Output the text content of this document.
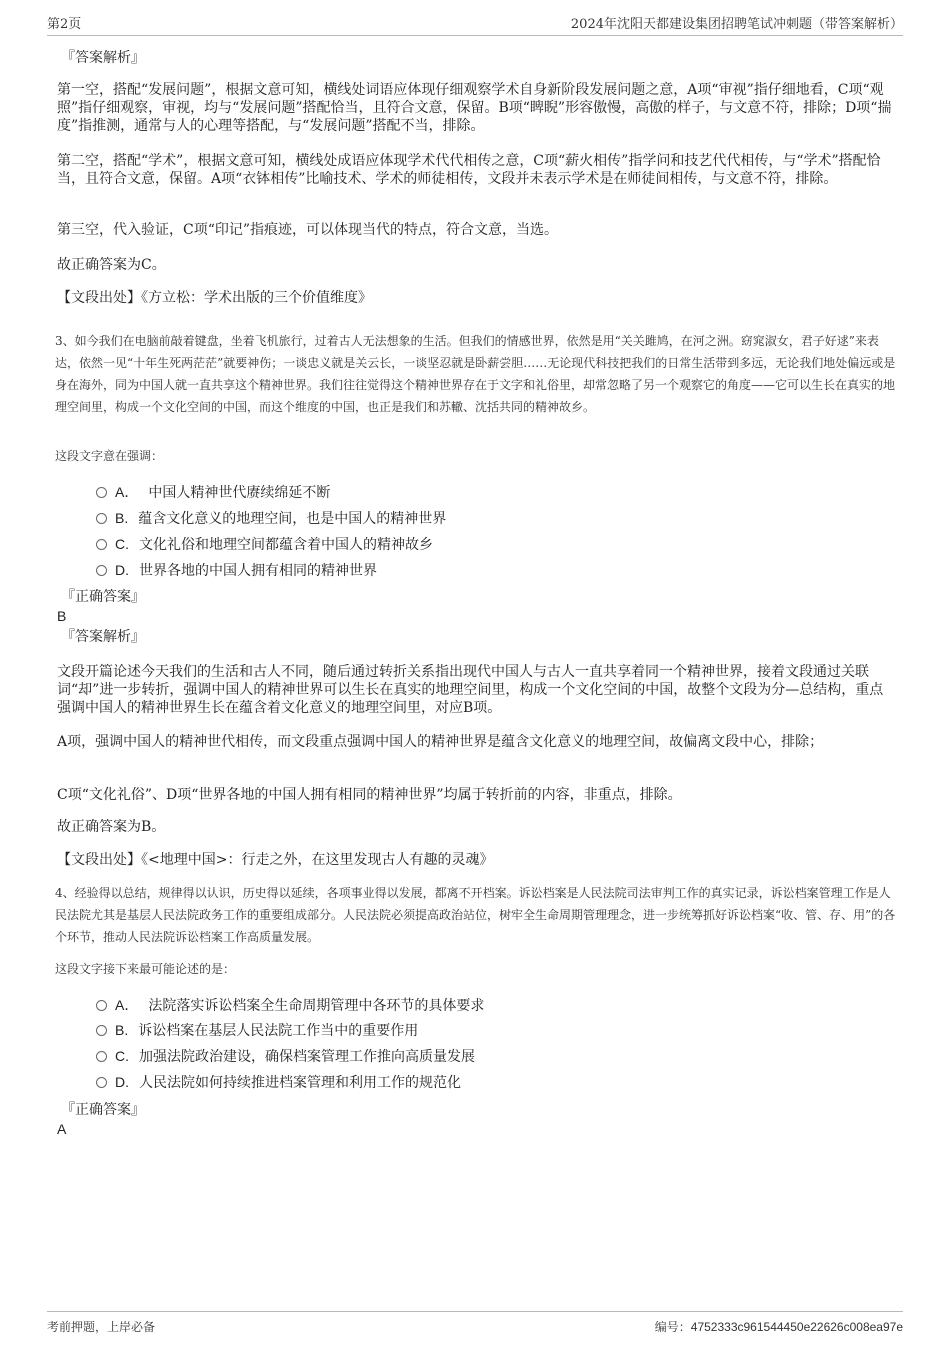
第2页	2024年沈阳天都建设集团招聘笔试冲刺题（带答案解析）

『答案解析』

第一空，搭配“发展问题”，根据文意可知，横线处词语应体现仔细观察学术自身新阶段发展问题之意，A项“审视”指仔细地看，C项“观照”指仔细观察，审视，均与“发展问题”搭配恰当，且符合文意，保留。B项“睥睨”形容傲慢，高傲的样子，与文意不符，排除；D项“揣度”指推测，通常与人的心理等搭配，与“发展问题”搭配不当，排除。

第二空，搭配“学术”，根据文意可知，横线处成语应体现学术代代相传之意，C项“薪火相传”指学问和技艺代代相传，与“学术”搭配恰当，且符合文意，保留。A项“衣钵相传”比喻技术、学术的师徒相传，文段并未表示学术是在师徒间相传，与文意不符，排除。

第三空，代入验证，C项“印记”指痕迹，可以体现当代的特点，符合文意，当选。

故正确答案为C。

【文段出处】《方立松：学术出版的三个价值维度》

3、如今我们在电脑前敲着键盘，坐着飞机旅行，过着古人无法想象的生活。但我们的情感世界，依然是用“关关雎鸠，在河之洲。窈窕淑女，君子好逑”来表达，依然一见“十年生死两茫茫”就要神伤；一谈忠义就是关云长，一谈坚忍就是卧薪尝胆……无论现代科技把我们的日常生活带到多远，无论我们地处偏远或是身在海外，同为中国人就一直共享这个精神世界。我们往往觉得这个精神世界存在于文字和礼俗里，却常忽略了另一个观察它的角度——它可以生长在真实的地理空间里，构成一个文化空间的中国，而这个维度的中国，也正是我们和苏轍、沈括共同的精神故乡。

这段文字意在强调：

A． 中国人精神世代赓续绵延不断
B. 蕴含文化意义的地理空间，也是中国人的精神世界
C. 文化礼俗和地理空间都蕴含着中国人的精神故乡
D. 世界各地的中国人拥有相同的精神世界

『正确答案』

B

『答案解析』

文段开篇论述今天我们的生活和古人不同，随后通过转折关系指出现代中国人与古人一直共享着同一个精神世界，接着文段通过关联词“却”进一步转折，强调中国人的精神世界可以生长在真实的地理空间里，构成一个文化空间的中国，故整个文段为分—总结构，重点强调中国人的精神世界生长在蕴含着文化意义的地理空间里，对应B项。

A项，强调中国人的精神世代相传，而文段重点强调中国人的精神世界是蕴含文化意义的地理空间，故偏离文段中心，排除；

C项“文化礼俗”、D项“世界各地的中国人拥有相同的精神世界”均属于转折前的内容，非重点，排除。

故正确答案为B。

【文段出处】《<地理中国>：行走之外，在这里发现古人有趣的灵魂》

4、经验得以总结，规律得以认识，历史得以延续，各项事业得以发展，都离不开档案。诉讼档案是人民法院司法审判工作的真实记录，诉讼档案管理工作是人民法院尤其是基层人民法院政务工作的重要组成部分。人民法院必须提高政治站位，树牢全生命周期管理理念，进一步统筹抓好诉讼档案“收、管、存、用”的各个环节，推动人民法院诉讼档案工作高质量发展。

这段文字接下来最可能论述的是：

A． 法院落实诉讼档案全生命周期管理中各环节的具体要求
B. 诉讼档案在基层人民法院工作当中的重要作用
C. 加强法院政治建设，确保档案管理工作推向高质量发展
D. 人民法院如何持续推进档案管理和利用工作的规范化

『正确答案』

A

考前押题，上岸必备	编号：4752333c961544450e22626c008ea97e
